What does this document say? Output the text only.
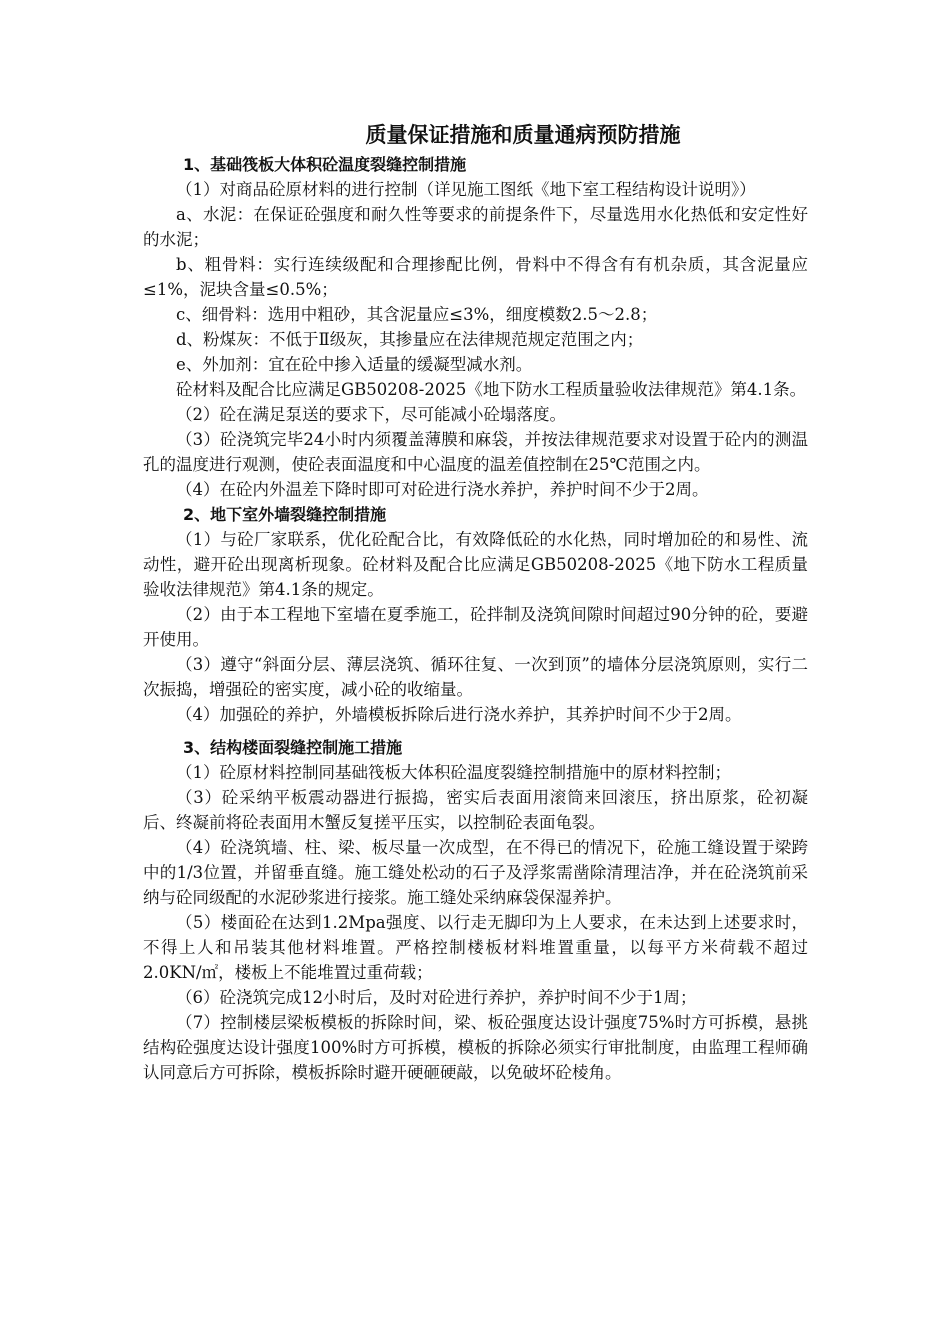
质量保证措施和质量通病预防措施
1、基础筏板大体积砼温度裂缝控制措施

（1）对商品砼原材料的进行控制（详见施工图纸《地下室工程结构设计说明》）

a、水泥：在保证砼强度和耐久性等要求的前提条件下，尽量选用水化热低和安定性好的水泥；

b、粗骨料：实行连续级配和合理掺配比例，骨料中不得含有有机杂质，其含泥量应≤1%，泥块含量≤0.5%；

c、细骨料：选用中粗砂，其含泥量应≤3%，细度模数2.5～2.8；

d、粉煤灰：不低于Ⅱ级灰，其掺量应在法律规范规定范围之内；

e、外加剂：宜在砼中掺入适量的缓凝型减水剂。

砼材料及配合比应满足GB50208-2025《地下防水工程质量验收法律规范》第4.1条。

（2）砼在满足泵送的要求下，尽可能减小砼塌落度。

（3）砼浇筑完毕24小时内须覆盖薄膜和麻袋，并按法律规范要求对设置于砼内的测温孔的温度进行观测，使砼表面温度和中心温度的温差值控制在25℃范围之内。

（4）在砼内外温差下降时即可对砼进行浇水养护，养护时间不少于2周。

2、地下室外墙裂缝控制措施

（1）与砼厂家联系，优化砼配合比，有效降低砼的水化热，同时增加砼的和易性、流动性，避开砼出现离析现象。砼材料及配合比应满足GB50208-2025《地下防水工程质量验收法律规范》第4.1条的规定。

（2）由于本工程地下室墙在夏季施工，砼拌制及浇筑间隙时间超过90分钟的砼，要避开使用。

（3）遵守“斜面分层、薄层浇筑、循环往复、一次到顶”的墙体分层浇筑原则，实行二次振捣，增强砼的密实度，减小砼的收缩量。

（4）加强砼的养护，外墙模板拆除后进行浇水养护，其养护时间不少于2周。

3、结构楼面裂缝控制施工措施

（1）砼原材料控制同基础筏板大体积砼温度裂缝控制措施中的原材料控制；

（3）砼采纳平板震动器进行振捣，密实后表面用滚筒来回滚压，挤出原浆，砼初凝后、终凝前将砼表面用木蟹反复搓平压实，以控制砼表面龟裂。

（4）砼浇筑墙、柱、梁、板尽量一次成型，在不得已的情况下，砼施工缝设置于梁跨中的1/3位置，并留垂直缝。施工缝处松动的石子及浮浆需凿除清理洁净，并在砼浇筑前采纳与砼同级配的水泥砂浆进行接浆。施工缝处采纳麻袋保湿养护。

（5）楼面砼在达到1.2Mpa强度、以行走无脚印为上人要求，在未达到上述要求时，不得上人和吊装其他材料堆置。严格控制楼板材料堆置重量，以每平方米荷载不超过2.0KN/㎡，楼板上不能堆置过重荷载；

（6）砼浇筑完成12小时后，及时对砼进行养护，养护时间不少于1周；

（7）控制楼层梁板模板的拆除时间，梁、板砼强度达设计强度75%时方可拆模，悬挑结构砼强度达设计强度100%时方可拆模，模板的拆除必须实行审批制度，由监理工程师确认同意后方可拆除，模板拆除时避开硬砸硬敲，以免破坏砼棱角。
